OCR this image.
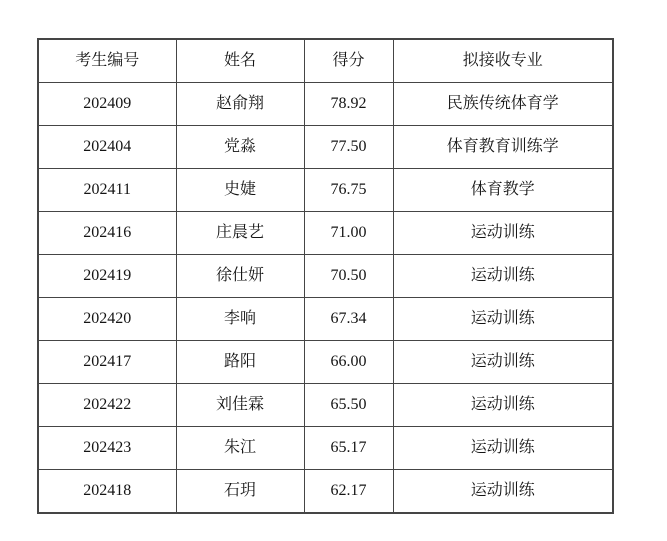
考生编号	姓名	得分	拟接收专业
202409	赵俞翔	78.92	民族传统体育学
202404	党淼	77.50	体育教育训练学
202411	史婕	76.75	体育教学
202416	庄晨艺	71.00	运动训练
202419	徐仕妍	70.50	运动训练
202420	李响	67.34	运动训练
202417	路阳	66.00	运动训练
202422	刘佳霖	65.50	运动训练
202423	朱江	65.17	运动训练
202418	石玥	62.17	运动训练
